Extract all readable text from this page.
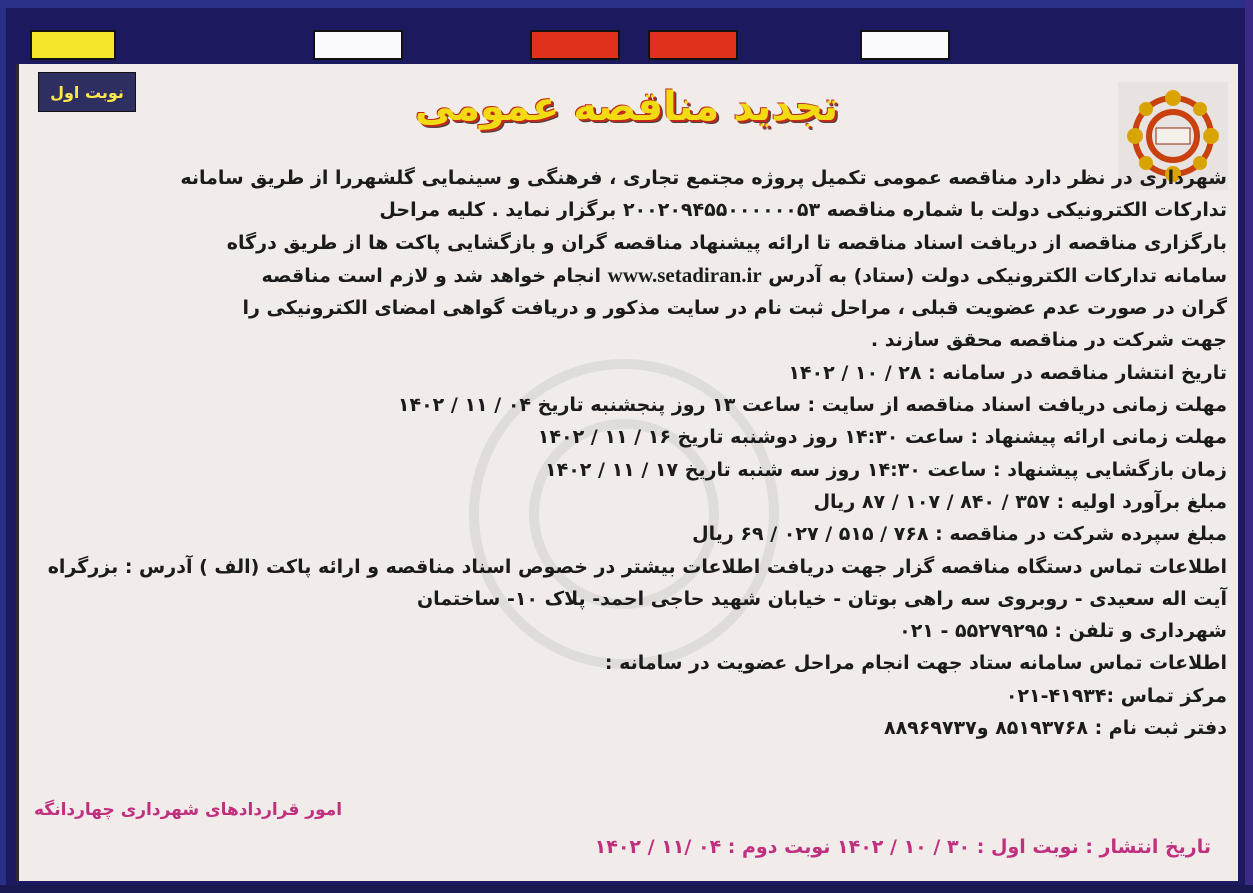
نوبت اول	تجدید مناقصه عمومی

شهرداری در نظر دارد مناقصه عمومی تکمیل پروژه مجتمع تجاری ، فرهنگی و سینمایی گلشهررا از طریق سامانه

تدارکات الکترونیکی دولت با شماره مناقصه ۲۰۰۲۰۹۴۵۵۰۰۰۰۰۰۵۳ برگزار نماید . کلیه مراحل

بارگزاری مناقصه از دریافت اسناد مناقصه تا ارائه پیشنهاد مناقصه گران و بازگشایی پاکت ها از طریق درگاه

سامانه تدارکات الکترونیکی دولت (ستاد) به آدرس www.setadiran.ir انجام خواهد شد و لازم است مناقصه

گران در صورت عدم عضویت قبلی ، مراحل ثبت نام در سایت مذکور و دریافت گواهی امضای الکترونیکی را

جهت شرکت در مناقصه محقق سازند .

تاریخ انتشار مناقصه در سامانه : ۲۸ / ۱۰ / ۱۴۰۲

مهلت زمانی دریافت اسناد مناقصه از سایت : ساعت ۱۳ روز پنجشنبه تاریخ ۰۴ / ۱۱ / ۱۴۰۲

مهلت زمانی ارائه پیشنهاد : ساعت ۱۴:۳۰ روز دوشنبه تاریخ ۱۶ / ۱۱ / ۱۴۰۲

زمان بازگشایی پیشنهاد : ساعت ۱۴:۳۰ روز سه شنبه تاریخ ۱۷ / ۱۱ / ۱۴۰۲

مبلغ برآورد اولیه : ۳۵۷ / ۸۴۰ / ۱۰۷ / ۸۷ ریال

مبلغ سپرده شرکت در مناقصه : ۷۶۸ / ۵۱۵ / ۰۲۷ / ۶۹ ریال

اطلاعات تماس دستگاه مناقصه گزار جهت دریافت اطلاعات بیشتر در خصوص اسناد مناقصه و ارائه پاکت (الف ) آدرس : بزرگراه

آیت اله سعیدی - روبروی سه راهی بوتان - خیابان شهید حاجی احمد- پلاک ۱۰- ساختمان

شهرداری و تلفن : ۵۵۲۷۹۲۹۵ - ۰۲۱

اطلاعات تماس سامانه ستاد جهت انجام مراحل عضویت در سامانه :

مرکز تماس :۴۱۹۳۴-۰۲۱

دفتر ثبت نام : ۸۵۱۹۳۷۶۸ و۸۸۹۶۹۷۳۷

امور قراردادهای شهرداری چهاردانگه
تاریخ انتشار : نوبت اول : ۳۰ / ۱۰ / ۱۴۰۲ نوبت دوم : ۰۴ /۱۱ / ۱۴۰۲
